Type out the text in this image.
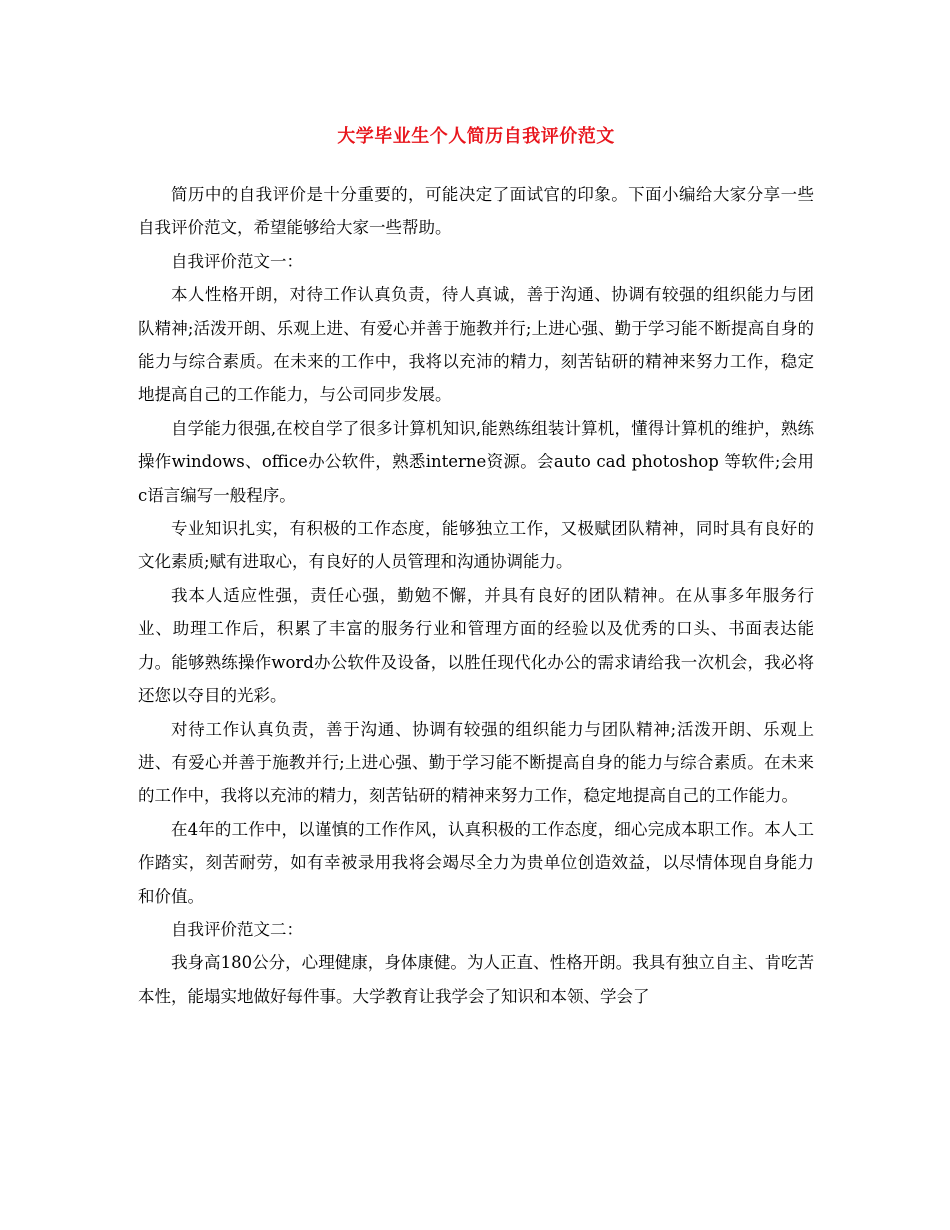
大学毕业生个人简历自我评价范文

简历中的自我评价是十分重要的，可能决定了面试官的印象。下面小编给大家分享一些自我评价范文，希望能够给大家一些帮助。

自我评价范文一：

本人性格开朗，对待工作认真负责，待人真诚，善于沟通、协调有较强的组织能力与团队精神;活泼开朗、乐观上进、有爱心并善于施教并行;上进心强、勤于学习能不断提高自身的能力与综合素质。在未来的工作中，我将以充沛的精力，刻苦钻研的精神来努力工作，稳定地提高自己的工作能力，与公司同步发展。

自学能力很强,在校自学了很多计算机知识,能熟练组装计算机，懂得计算机的维护，熟练操作windows、office办公软件，熟悉interne资源。会auto cad photoshop 等软件;会用c语言编写一般程序。

专业知识扎实，有积极的工作态度，能够独立工作，又极赋团队精神，同时具有良好的文化素质;赋有进取心，有良好的人员管理和沟通协调能力。

我本人适应性强，责任心强，勤勉不懈，并具有良好的团队精神。在从事多年服务行业、助理工作后，积累了丰富的服务行业和管理方面的经验以及优秀的口头、书面表达能力。能够熟练操作word办公软件及设备，以胜任现代化办公的需求请给我一次机会，我必将还您以夺目的光彩。

对待工作认真负责，善于沟通、协调有较强的组织能力与团队精神;活泼开朗、乐观上进、有爱心并善于施教并行;上进心强、勤于学习能不断提高自身的能力与综合素质。在未来的工作中，我将以充沛的精力，刻苦钻研的精神来努力工作，稳定地提高自己的工作能力。

在4年的工作中，以谨慎的工作作风，认真积极的工作态度，细心完成本职工作。本人工作踏实，刻苦耐劳，如有幸被录用我将会竭尽全力为贵单位创造效益，以尽情体现自身能力和价值。

自我评价范文二：

我身高180公分，心理健康，身体康健。为人正直、性格开朗。我具有独立自主、肯吃苦本性，能塌实地做好每件事。大学教育让我学会了知识和本领、学会了
